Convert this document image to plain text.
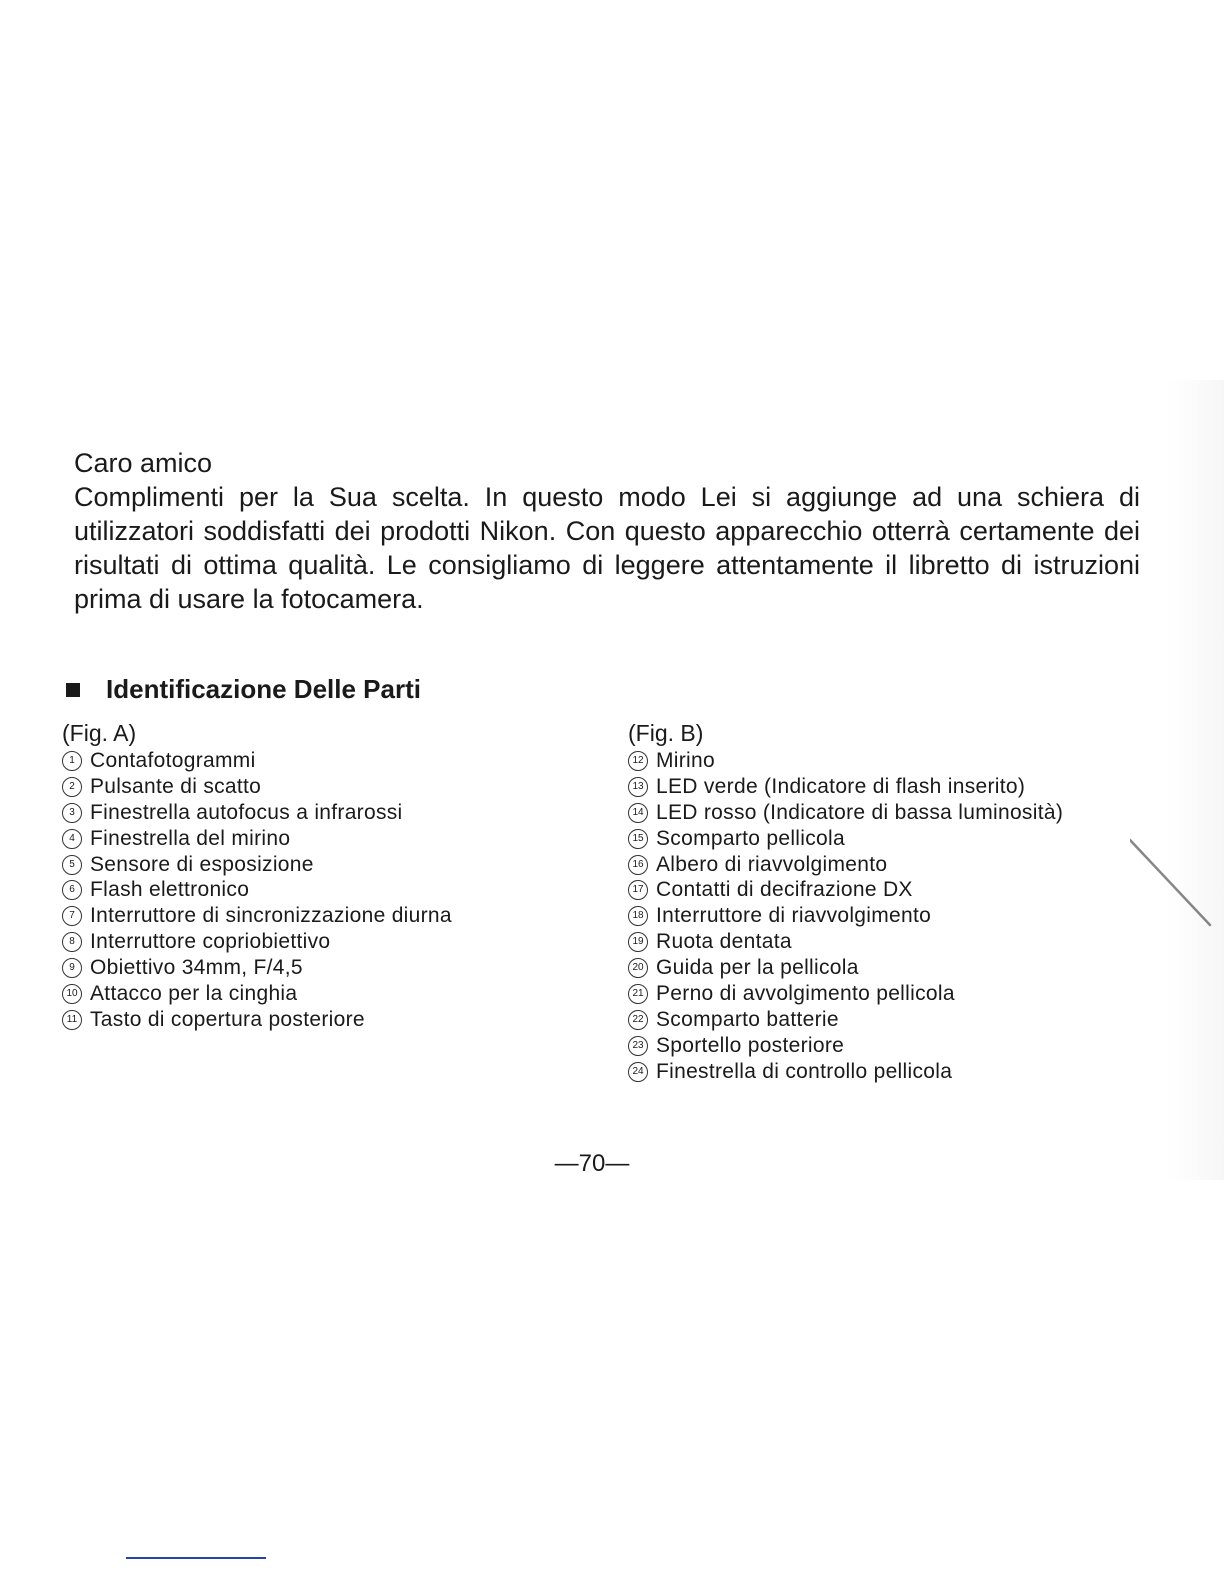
Caro amico
Complimenti per la Sua scelta. In questo modo Lei si aggiunge ad una schiera di utilizzatori soddisfatti dei prodotti Nikon. Con questo apparecchio otterrà certamente dei risultati di ottima qualità. Le consigliamo di leggere attentamente il libretto di istruzioni prima di usare la fotocamera.
Identificazione Delle Parti
(Fig. A)
1 Contafotogrammi
2 Pulsante di scatto
3 Finestrella autofocus a infrarossi
4 Finestrella del mirino
5 Sensore di esposizione
6 Flash elettronico
7 Interruttore di sincronizzazione diurna
8 Interruttore copriobiettivo
9 Obiettivo 34mm, F/4,5
10 Attacco per la cinghia
11 Tasto di copertura posteriore
(Fig. B)
12 Mirino
13 LED verde (Indicatore di flash inserito)
14 LED rosso (Indicatore di bassa luminosità)
15 Scomparto pellicola
16 Albero di riavvolgimento
17 Contatti di decifrazione DX
18 Interruttore di riavvolgimento
19 Ruota dentata
20 Guida per la pellicola
21 Perno di avvolgimento pellicola
22 Scomparto batterie
23 Sportello posteriore
24 Finestrella di controllo pellicola
—70—
